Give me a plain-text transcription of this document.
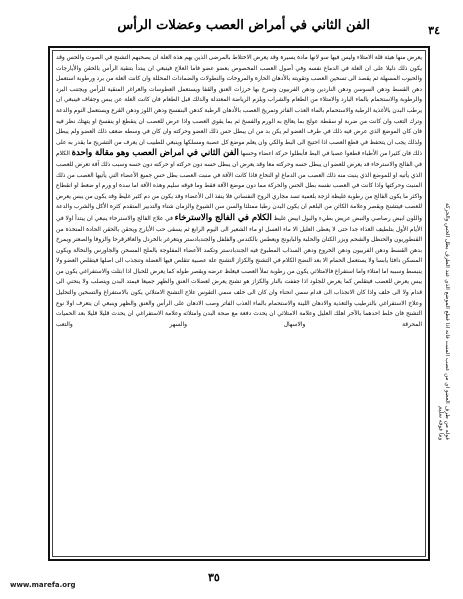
الفن الثاني في أمراض العصب وعضلات الرأس	٣٤
يعرض منها هيئة قلة الامتلاء وليس فيها سو لانها مادة يسيرة وقد يعرض الاختلاط بالمرضى الذين بهم هذه العلة ان يصحبهم التشنج في الصوت والحس وقد يكون ذلك دليلا على ان العلة في الدماغ نفسه وفي أصول العصب المخصوص بعضو عضو فاما العلاج فينبغي ان يبتدأ بتنقية الرأس بالحقن والأيارجات والحبوب المسهلة ثم يقصد الى تسخين العصب وتقويته بالأدهان الحارة والمروخات والنطولات والضمادات المحللة وان كانت العلة من برد ورطوبة استعمل دهن القسط ودهن السوسن ودهن الناردين ودهن الفربيون وتمرخ بها خرزات العنق والقفا ويستعمل العطوسات والغراغر المنقية للرأس ويجتنب البرد والرطوبة والاستحمام بالماء البارد والامتلاء من الطعام والشراب ويلزم الرياضة المعتدلة والدلك قبل الطعام فان كانت العلة عن يبس وجفاف فينبغي ان يرطب البدن بالأغذية الرطبة والاستحمام بالماء العذب الفاتر وتمريخ العصب بالأدهان الرطبة كدهن البنفسج ودهن اللوز ودهن القرع ويستعمل النوم والدعة وترك التعب وان كانت من ضربة او سقطة عولج بما يعالج به الورم والفسخ ثم بما يقوي العصب واذا عرض للعصب ان ينقطع او ينفسخ او يتهتك نظر فيه فان كان الموضع الذي عرض فيه ذلك في طرف العضو لم يكن بد من ان يبطل حس ذلك العضو وحركته وان كان في وسطه ضعف ذلك العضو ولم يبطل ولذلك يجب ان يتحفظ في قطع العصب اذا احتيج الى البط والكي وان يعلم موضع كل عصبة ومسلكها وينبغي للطبيب ان يعرف من التشريح ما يقدر به على ذلك فان كثيرا من الأطباء قطعوا عصبا في البط فأبطلوا حركة اعضاء وحسها الفن الثاني في امراض العصب وهو مقالة واحدة الكلام في الفالج والاسترخاء قد يعرض للعضو ان يبطل حسه وحركته معا وقد يعرض ان يبطل حسه دون حركته او حركته دون حسه وسبب ذلك آفة تعرض للعصب الذي يأتيه او للموضع الذي ينبت منه ذلك العصب من الدماغ او النخاع فاذا كانت الآفة في منبت العصب بطل حس جميع الأعضاء التي يأتيها العصب من ذلك المنبت وحركتها واذا كانت في العصب نفسه بطل الحس والحركة مما دون موضع الآفة فقط وما فوقه سليم وهذه الآفة اما سدة او ورم او ضغط او انقطاع واكثر ما يكون الفالج من رطوبة غليظة لزجة بلغمية تسد مجاري الروح النفساني فلا ينفذ الى الأعضاء وقد يكون من دم كثير غليظ وقد يكون من يبس يعرض للعصب فيتشنج ويقصر وعلامة الكائن من البلغم ان يكون البدن رطبا ممتلئا والسن سن الشيوخ والزمان شتاء والتدبير المتقدم كثرة الأكل والشرب والدعة واللون ابيض رصاصي والنبض عريض بطيء والبول ابيض غليظ الكلام في الفالج والاسترخاء في علاج الفالج والاسترخاء ينبغي ان يبتدأ اولا في الأيام الأول بتلطيف الغذاء جدا حتى لا يعطى العليل الا ماء العسل او ماء الشعير الى اليوم الرابع ثم يسقى حب الأيارج ويحقن بالحقن الحادة المتخذة من القنطوريون والحنظل والشحم وبزر الكتان والحلبة والبابونج ويعطس بالكندس والفلفل والجندبادستر ويتغرغر بالخردل والعاقرقرحا والزوفا والصعتر ويمرخ بدهن القسط ودهن الفربيون ودهن الخروع ودهن السذاب المطبوخ فيه الجندبادستر وتكمد الأعضاء المفلوجة بالملح المسخن والجاورس والنخالة ويكون المسكن دافئا يابسا ولا يستعمل الحمام الا بعد النضج الكلام في التشنج والكزاز التشنج علة عصبية تتقلص فيها العضلة وتنجذب الى اصلها فيتقلص العضو ولا ينبسط وسببه اما امتلاء واما استفراغ فالامتلائي يكون من رطوبة تملأ العصب فيغلظ عرضه ويقصر طوله كما يعرض للحبال اذا ابتلت والاستفراغي يكون من يبس يعرض للعصب فيتقلص كما يعرض للجلود اذا جففت بالنار والكزاز هو تشنج يعرض لعضلات العنق والظهر جميعا فيمتد البدن ويتصلب ولا ينحني الى قدام ولا الى خلف واذا كان الانجذاب الى قدام سمي انحناء وان كان الى خلف سمي التقوس علاج التشنج الامتلائي يكون بالاستفراغ والتسخين والتحليل وعلاج الاستفراغي بالترطيب والتغذية والادهان اللينة والاستحمام بالماء العذب الفاتر وصب الادهان على الرأس والعنق والظهر وينبغي ان يتعرف اولا نوع التشنج فان خلط احدهما بالآخر اهلك العليل وعلامة الامتلائي ان يحدث دفعة مع صحة البدن وامتلائه وعلامة الاستفراغي ان يحدث قليلا قليلا بعد الحميات المحرقة والاسهال والسهر والتعب	قوله من طرف العضو اي من عصب المنبت فانه اذا قطع الموضع الذي عند الطرف بطل الحس والحركة وما فوقه سليم
٣٥
www.marefa.org
